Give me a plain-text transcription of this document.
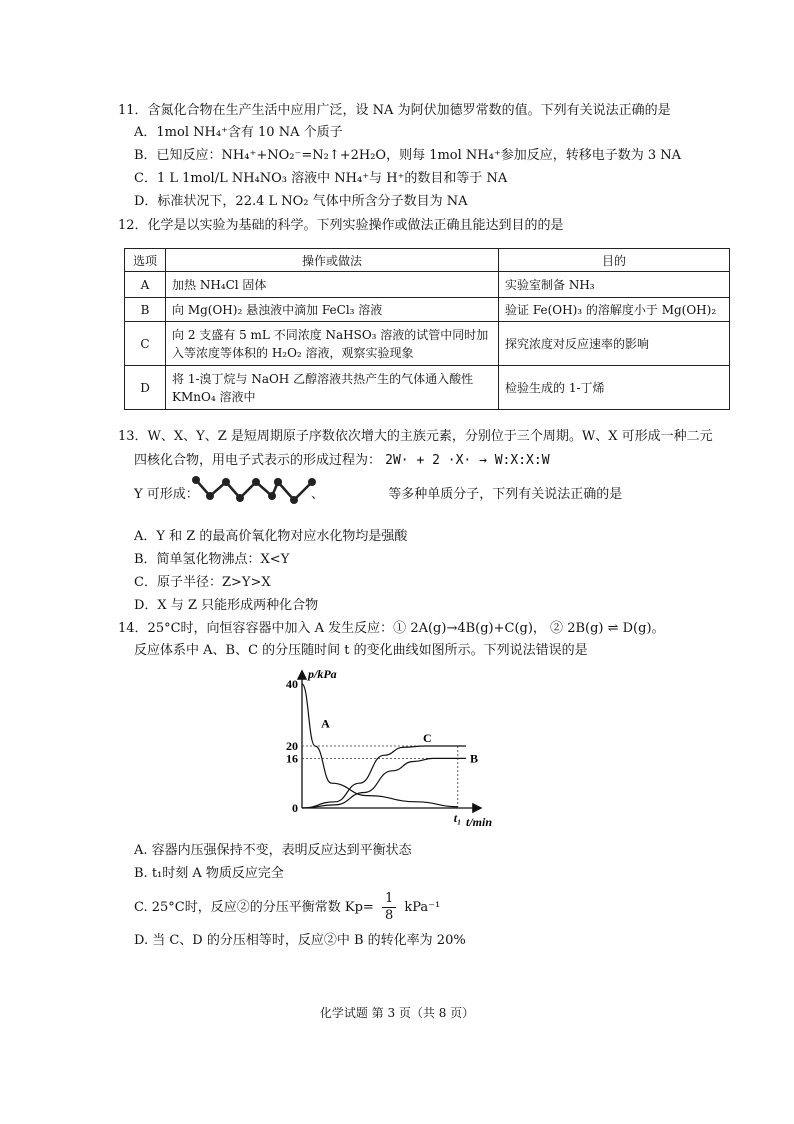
11．含氮化合物在生产生活中应用广泛，设 NA 为阿伏加德罗常数的值。下列有关说法正确的是
A．1mol NH₄⁺含有 10 NA 个质子
B．已知反应：NH₄⁺+NO₂⁻=N₂↑+2H₂O，则每 1mol NH₄⁺参加反应，转移电子数为 3 NA
C．1 L 1mol/L NH₄NO₃ 溶液中 NH₄⁺与 H⁺的数目和等于 NA
D．标准状况下，22.4 L NO₂ 气体中所含分子数目为 NA
12．化学是以实验为基础的科学。下列实验操作或做法正确且能达到目的的是
选项	操作或做法	目的
A	加热 NH₄Cl 固体	实验室制备 NH₃
B	向 Mg(OH)₂ 悬浊液中滴加 FeCl₃ 溶液	验证 Fe(OH)₃ 的溶解度小于 Mg(OH)₂
C	向 2 支盛有 5 mL 不同浓度 NaHSO₃ 溶液的试管中同时加入等浓度等体积的 H₂O₂ 溶液，观察实验现象	探究浓度对反应速率的影响
D	将 1-溴丁烷与 NaOH 乙醇溶液共热产生的气体通入酸性 KMnO₄ 溶液中	检验生成的 1-丁烯
13．W、X、Y、Z 是短周期原子序数依次增大的主族元素，分别位于三个周期。W、X 可形成一种二元
四核化合物，用电子式表示的形成过程为： 2W· + 2 ·X· → W:X:X:W
Y 可形成：	、	等多种单质分子，下列有关说法正确的是
A．Y 和 Z 的最高价氧化物对应水化物均是强酸
B．简单氢化物沸点：X<Y
C．原子半径：Z>Y>X
D．X 与 Z 只能形成两种化合物
14．25°C时，向恒容容器中加入 A 发生反应：① 2A(g)→4B(g)+C(g)， ② 2B(g) ⇌ D(g)。
反应体系中 A、B、C 的分压随时间 t 的变化曲线如图所示。下列说法错误的是
A
C
B
0
16
20
40
t₁
p/kPa
t/min
A. 容器内压强保持不变，表明反应达到平衡状态
B. t₁时刻 A 物质反应完全
C. 25°C时，反应②的分压平衡常数 $Kp= \frac{1}{8} kPa^{-1}$
D. 当 C、D 的分压相等时，反应②中 B 的转化率为 20%
化学试题 第 3 页（共 8 页）
